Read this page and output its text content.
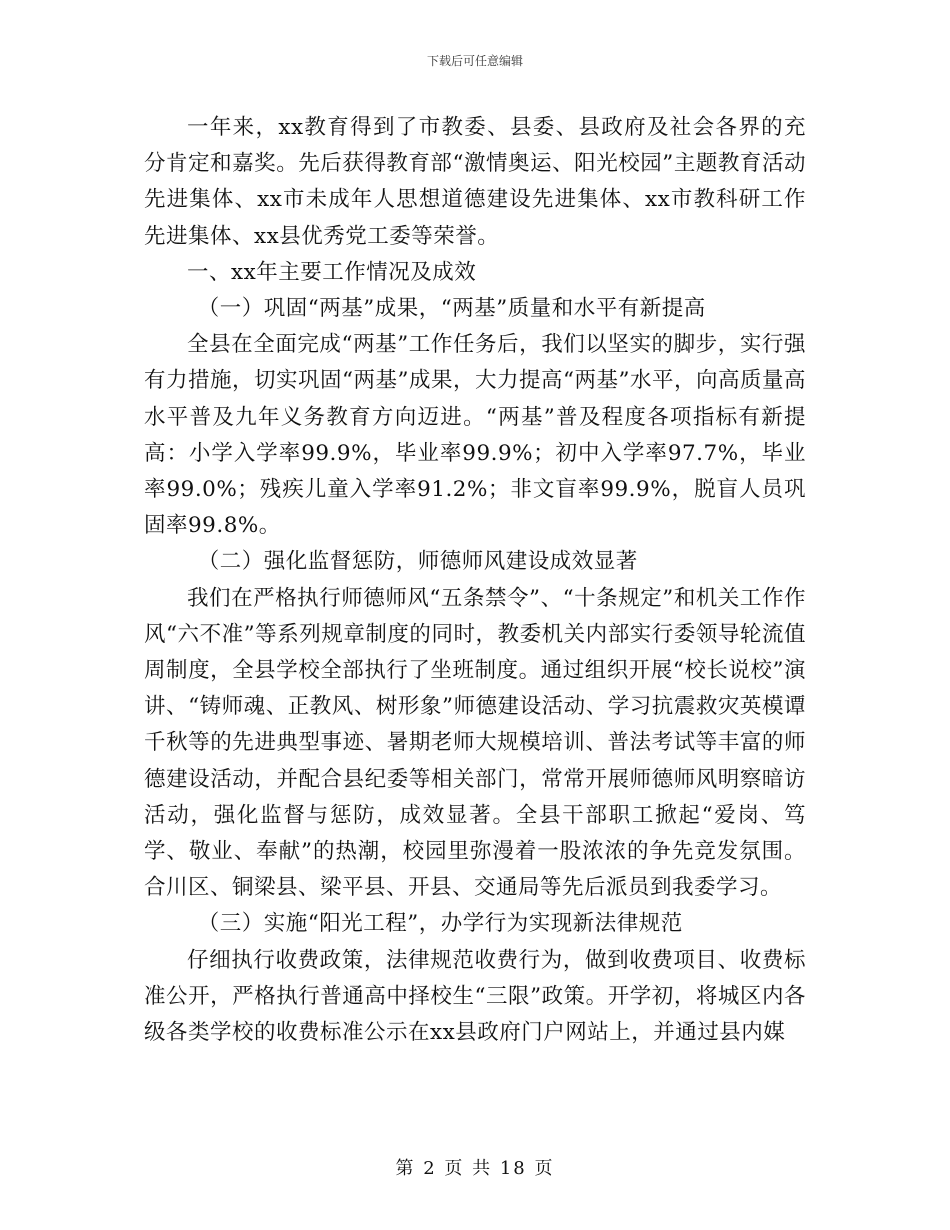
下载后可任意编辑

一年来，xx教育得到了市教委、县委、县政府及社会各界的充分肯定和嘉奖。先后获得教育部“激情奥运、阳光校园”主题教育活动先进集体、xx市未成年人思想道德建设先进集体、xx市教科研工作先进集体、xx县优秀党工委等荣誉。

一、xx年主要工作情况及成效

（一）巩固“两基”成果，“两基”质量和水平有新提高

全县在全面完成“两基”工作任务后，我们以坚实的脚步，实行强有力措施，切实巩固“两基”成果，大力提高“两基”水平，向高质量高水平普及九年义务教育方向迈进。“两基”普及程度各项指标有新提高：小学入学率99.9%，毕业率99.9%；初中入学率97.7%，毕业率99.0%；残疾儿童入学率91.2%；非文盲率99.9%，脱盲人员巩固率99.8%。

（二）强化监督惩防，师德师风建设成效显著

我们在严格执行师德师风“五条禁令”、“十条规定”和机关工作作风“六不准”等系列规章制度的同时，教委机关内部实行委领导轮流值周制度，全县学校全部执行了坐班制度。通过组织开展“校长说校”演讲、“铸师魂、正教风、树形象”师德建设活动、学习抗震救灾英模谭千秋等的先进典型事迹、暑期老师大规模培训、普法考试等丰富的师德建设活动，并配合县纪委等相关部门，常常开展师德师风明察暗访活动，强化监督与惩防，成效显著。全县干部职工掀起“爱岗、笃学、敬业、奉献”的热潮，校园里弥漫着一股浓浓的争先竞发氛围。合川区、铜梁县、梁平县、开县、交通局等先后派员到我委学习。

（三）实施“阳光工程”，办学行为实现新法律规范

仔细执行收费政策，法律规范收费行为，做到收费项目、收费标准公开，严格执行普通高中择校生“三限”政策。开学初，将城区内各级各类学校的收费标准公示在xx县政府门户网站上，并通过县内媒

第 2 页 共 18 页
